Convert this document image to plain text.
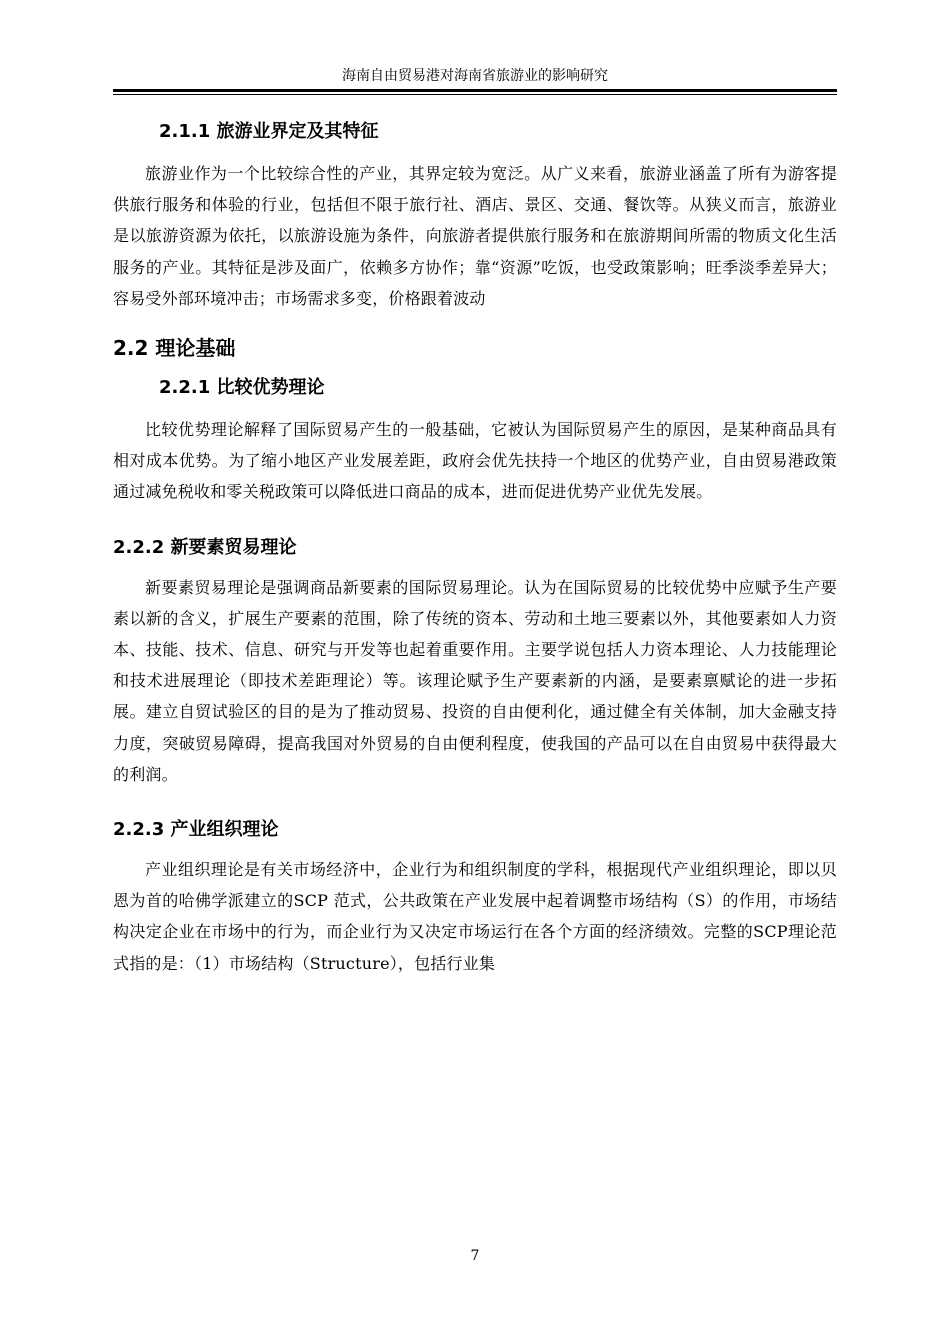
海南自由贸易港对海南省旅游业的影响研究
2.1.1 旅游业界定及其特征

旅游业作为一个比较综合性的产业，其界定较为宽泛。从广义来看，旅游业涵盖了所有为游客提供旅行服务和体验的行业，包括但不限于旅行社、酒店、景区、交通、餐饮等。从狭义而言，旅游业是以旅游资源为依托，以旅游设施为条件，向旅游者提供旅行服务和在旅游期间所需的物质文化生活服务的产业。其特征是涉及面广，依赖多方协作；靠“资源”吃饭，也受政策影响；旺季淡季差异大；容易受外部环境冲击；市场需求多变，价格跟着波动

2.2 理论基础
2.2.1 比较优势理论

比较优势理论解释了国际贸易产生的一般基础，它被认为国际贸易产生的原因，是某种商品具有相对成本优势。为了缩小地区产业发展差距，政府会优先扶持一个地区的优势产业，自由贸易港政策通过减免税收和零关税政策可以降低进口商品的成本，进而促进优势产业优先发展。

2.2.2 新要素贸易理论

新要素贸易理论是强调商品新要素的国际贸易理论。认为在国际贸易的比较优势中应赋予生产要素以新的含义，扩展生产要素的范围，除了传统的资本、劳动和土地三要素以外，其他要素如人力资本、技能、技术、信息、研究与开发等也起着重要作用。主要学说包括人力资本理论、人力技能理论和技术进展理论（即技术差距理论）等。该理论赋予生产要素新的内涵，是要素禀赋论的进一步拓展。建立自贸试验区的目的是为了推动贸易、投资的自由便利化，通过健全有关体制，加大金融支持力度，突破贸易障碍，提高我国对外贸易的自由便利程度，使我国的产品可以在自由贸易中获得最大的利润。

2.2.3 产业组织理论

产业组织理论是有关市场经济中，企业行为和组织制度的学科，根据现代产业组织理论，即以贝恩为首的哈佛学派建立的SCP 范式，公共政策在产业发展中起着调整市场结构（S）的作用，市场结构决定企业在市场中的行为，而企业行为又决定市场运行在各个方面的经济绩效。完整的SCP理论范式指的是：（1）市场结构（Structure），包括行业集

7
